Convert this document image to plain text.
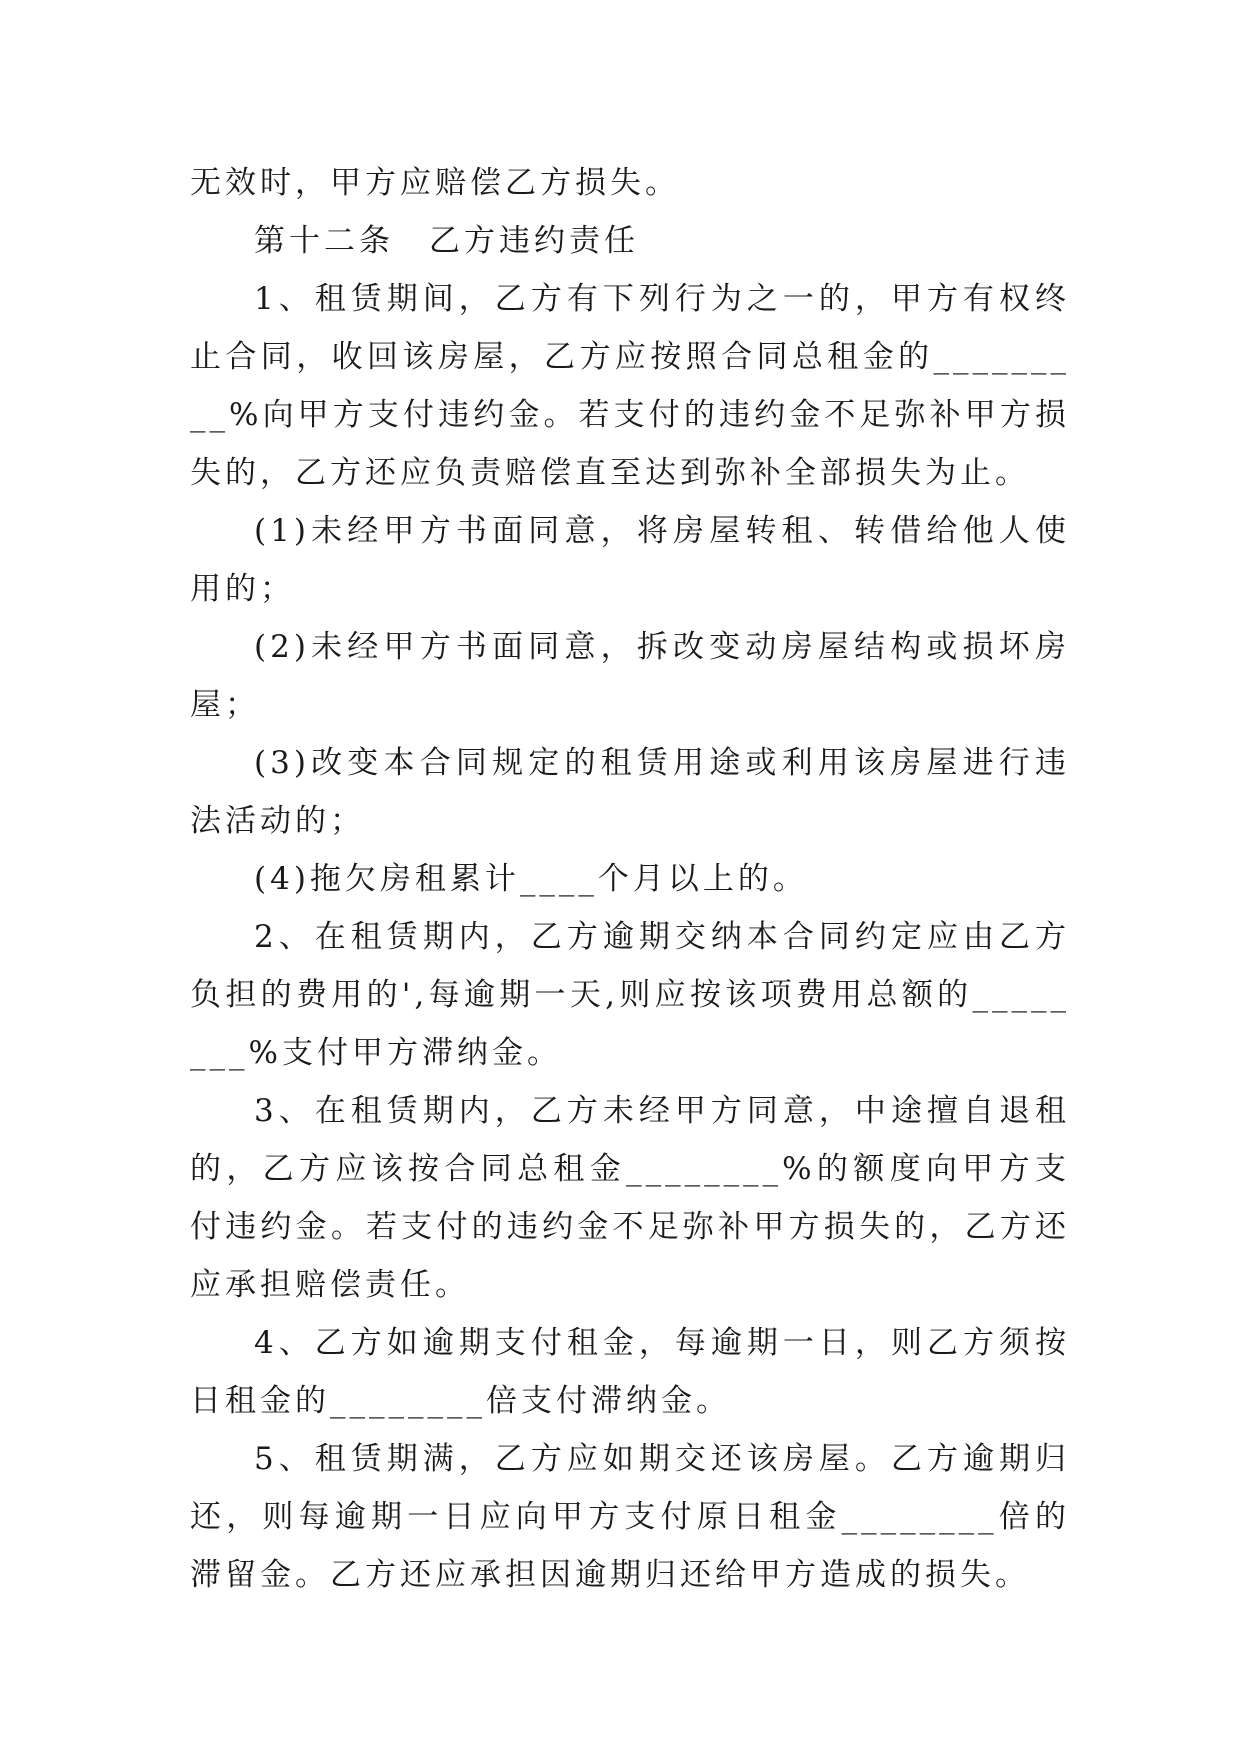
无效时，甲方应赔偿乙方损失。

第十二条　乙方违约责任

1、租赁期间，乙方有下列行为之一的，甲方有权终止合同，收回该房屋，乙方应按照合同总租金的_________%向甲方支付违约金。若支付的违约金不足弥补甲方损失的，乙方还应负责赔偿直至达到弥补全部损失为止。

(1)未经甲方书面同意，将房屋转租、转借给他人使用的；

(2)未经甲方书面同意，拆改变动房屋结构或损坏房屋；

(3)改变本合同规定的租赁用途或利用该房屋进行违法活动的；

(4)拖欠房租累计____个月以上的。

2、在租赁期内，乙方逾期交纳本合同约定应由乙方负担的费用的',每逾期一天,则应按该项费用总额的________%支付甲方滞纳金。

3、在租赁期内，乙方未经甲方同意，中途擅自退租的，乙方应该按合同总租金________%的额度向甲方支付违约金。若支付的违约金不足弥补甲方损失的，乙方还应承担赔偿责任。

4、乙方如逾期支付租金，每逾期一日，则乙方须按日租金的________倍支付滞纳金。

5、租赁期满，乙方应如期交还该房屋。乙方逾期归还，则每逾期一日应向甲方支付原日租金________倍的滞留金。乙方还应承担因逾期归还给甲方造成的损失。
